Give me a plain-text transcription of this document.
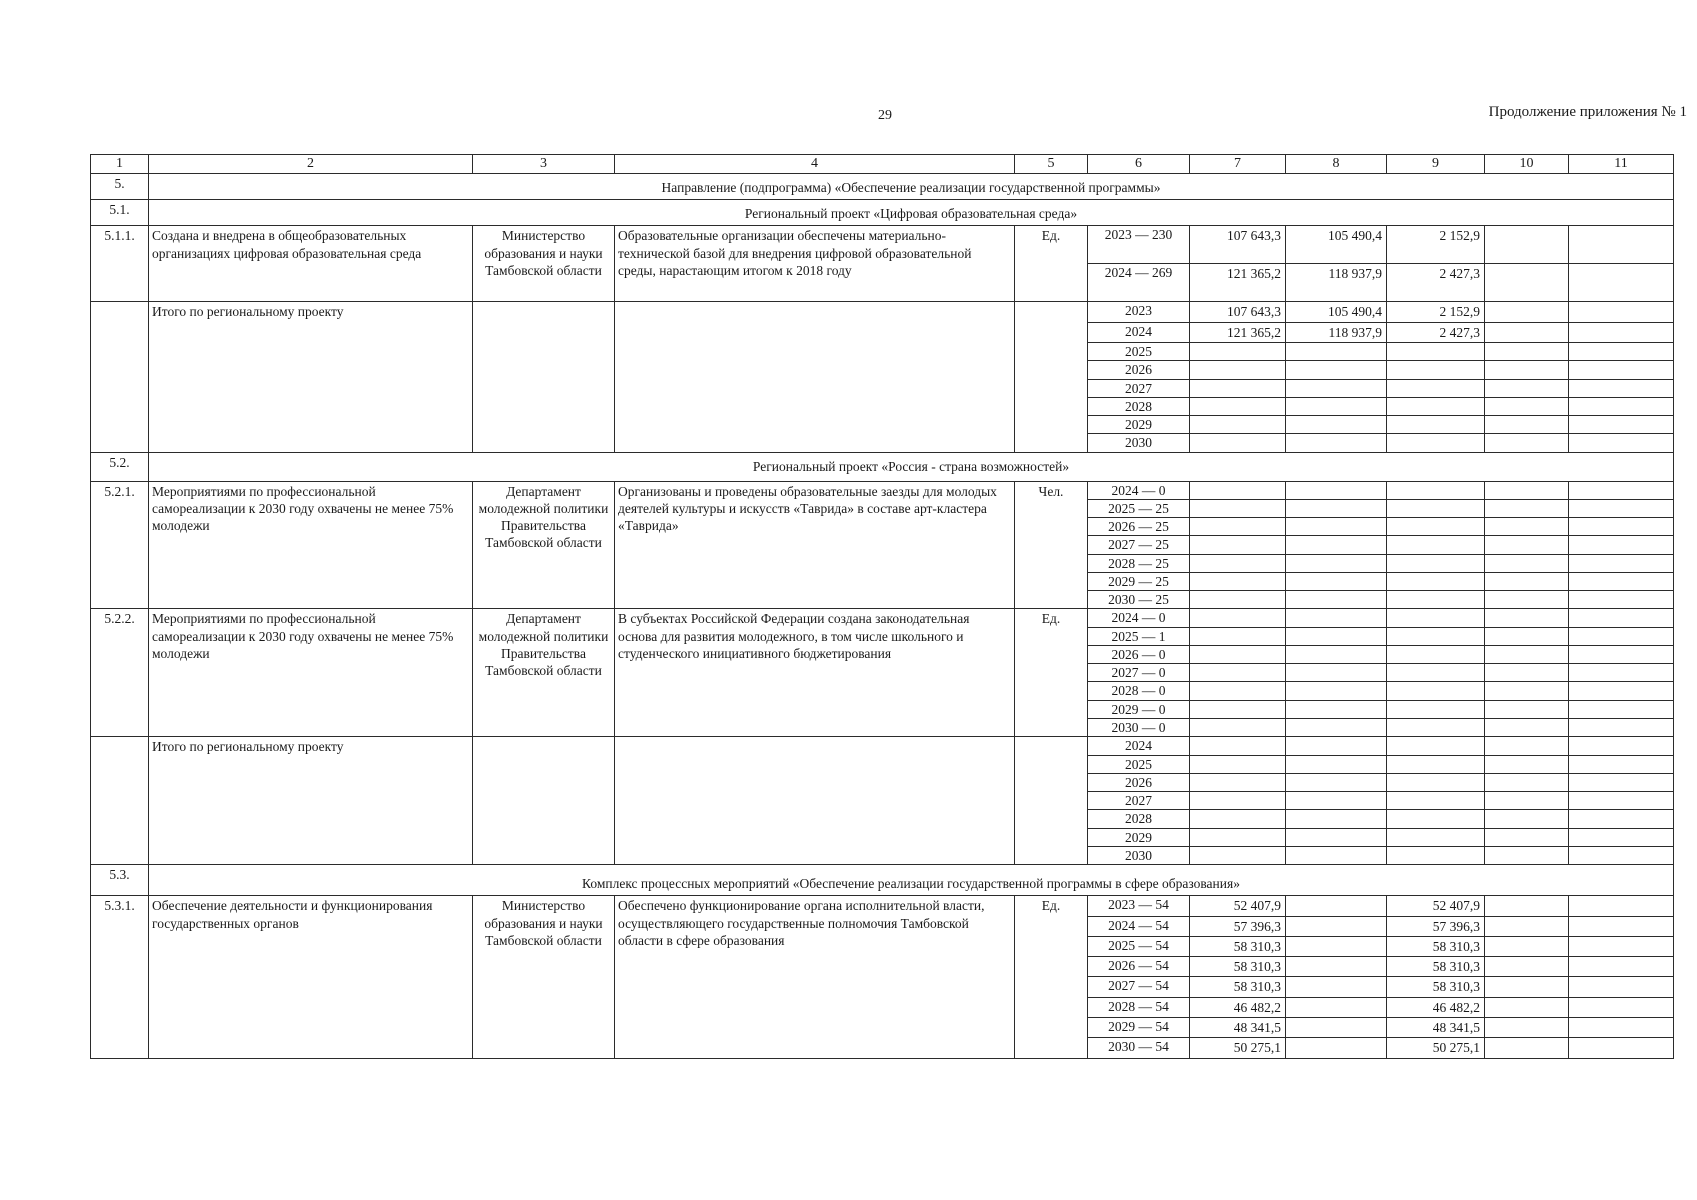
29	Продолжение приложения № 1
1	2	3	4	5	6	7	8	9	10	11
5.	Направление (подпрограмма) «Обеспечение реализации государственной программы»									
5.1.	Региональный проект «Цифровая образовательная среда»									
5.1.1.	Создана и внедрена в общеобразовательных организациях цифровая образовательная среда	Министерство образования и науки Тамбовской области	Образовательные организации обеспечены материально-технической базой для внедрения цифровой образовательной среды, нарастающим итогом к 2018 году	Ед.	2023 — 230	107 643,3	105 490,4	2 152,9		
					2024 — 269	121 365,2	118 937,9	2 427,3		
	Итого по региональному проекту				2023	107 643,3	105 490,4	2 152,9		
					2024	121 365,2	118 937,9	2 427,3		
					2025					
					2026					
					2027					
					2028					
					2029					
					2030					
5.2.	Региональный проект «Россия - страна возможностей»									
5.2.1.	Мероприятиями по профессиональной самореализации к 2030 году охвачены не менее 75% молодежи	Департамент молодежной политики Правительства Тамбовской области	Организованы и проведены образовательные заезды для молодых деятелей культуры и искусств «Таврида» в составе арт-кластера «Таврида»	Чел.	2024 — 0					
					2025 — 25					
					2026 — 25					
					2027 — 25					
					2028 — 25					
					2029 — 25					
					2030 — 25					
5.2.2.	Мероприятиями по профессиональной самореализации к 2030 году охвачены не менее 75% молодежи	Департамент молодежной политики Правительства Тамбовской области	В субъектах Российской Федерации создана законодательная основа для развития молодежного, в том числе школьного и студенческого инициативного бюджетирования	Ед.	2024 — 0					
					2025 — 1					
					2026 — 0					
					2027 — 0					
					2028 — 0					
					2029 — 0					
					2030 — 0					
	Итого по региональному проекту				2024					
					2025					
					2026					
					2027					
					2028					
					2029					
					2030					
5.3.	Комплекс процессных мероприятий «Обеспечение реализации государственной программы в сфере образования»									
5.3.1.	Обеспечение деятельности и функционирования государственных органов	Министерство образования и науки Тамбовской области	Обеспечено функционирование органа исполнительной власти, осуществляющего государственные полномочия Тамбовской области в сфере образования	Ед.	2023 — 54	52 407,9		52 407,9		
					2024 — 54	57 396,3		57 396,3		
					2025 — 54	58 310,3		58 310,3		
					2026 — 54	58 310,3		58 310,3		
					2027 — 54	58 310,3		58 310,3		
					2028 — 54	46 482,2		46 482,2		
					2029 — 54	48 341,5		48 341,5		
					2030 — 54	50 275,1		50 275,1		
